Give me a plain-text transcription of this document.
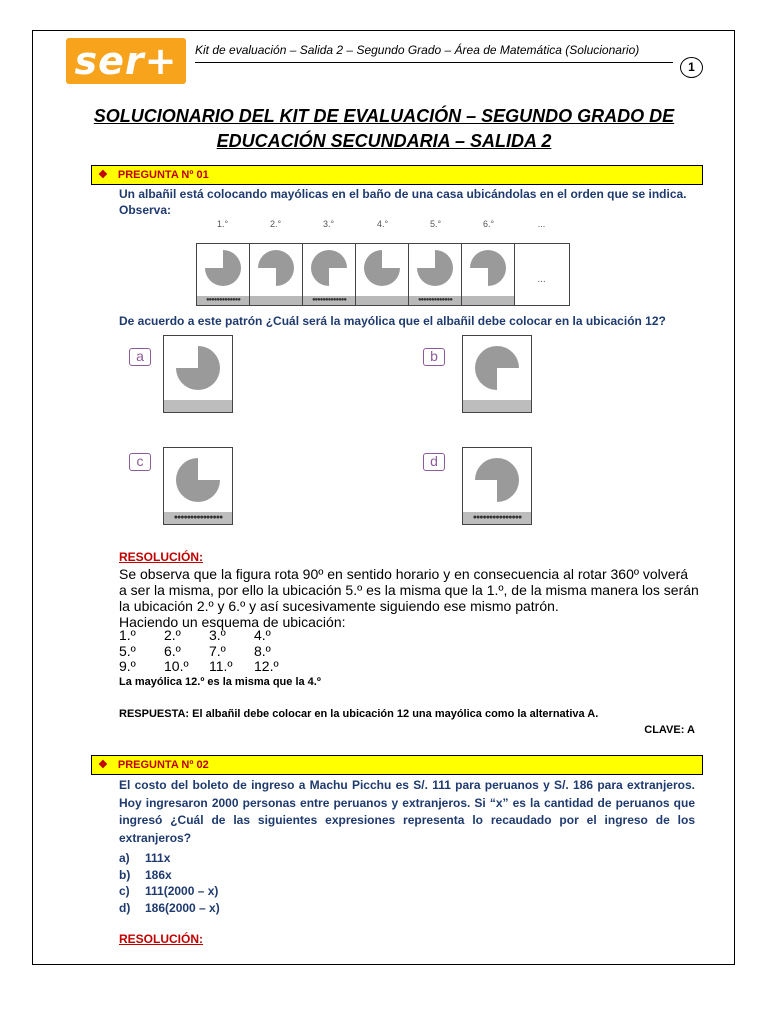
ser+	Kit de evaluación – Salida 2 – Segundo Grado – Área de Matemática (Solucionario)
1
SOLUCIONARIO DEL KIT DE EVALUACIÓN – SEGUNDO GRADO DE
EDUCACIÓN SECUNDARIA – SALIDA 2
❖ PREGUNTA Nº 01
Un albañil está colocando mayólicas en el baño de una casa ubicándolas en el orden que se indica.
Observa:
1.°	2.°	3.°	4.°	5.°	6.°	...
●●●●●●●●●●●●●	●●●●●●●●●●●●●	●●●●●●●●●●●●●
...
De acuerdo a este patrón ¿Cuál será la mayólica que el albañil debe colocar en la ubicación 12?
a	b
c
●●●●●●●●●●●●●●●
d
●●●●●●●●●●●●●●●
RESOLUCIÓN:
Se observa que la figura rota 90º en sentido horario y en consecuencia al rotar 360º volverá a ser la misma, por ello la ubicación 5.º es la misma que la 1.º, de la misma manera los serán la ubicación 2.º y 6.º y así sucesivamente siguiendo ese mismo patrón.
Haciendo un esquema de ubicación:
1.º	2.º	3.º	4.º
5.º	6.º	7.º	8.º
9.º	10.º	11.º	12.º
La mayólica 12.º es la misma que la 4.º
RESPUESTA: El albañil debe colocar en la ubicación 12 una mayólica como la alternativa A.
CLAVE: A
❖ PREGUNTA Nº 02
El costo del boleto de ingreso a Machu Picchu es S/. 111 para peruanos y S/. 186 para extranjeros. Hoy ingresaron 2000 personas entre peruanos y extranjeros. Si “x” es la cantidad de peruanos que ingresó ¿Cuál de las siguientes expresiones representa lo recaudado por el ingreso de los extranjeros?
a) 111x
b) 186x
c) 111(2000 – x)
d) 186(2000 – x)
RESOLUCIÓN:
